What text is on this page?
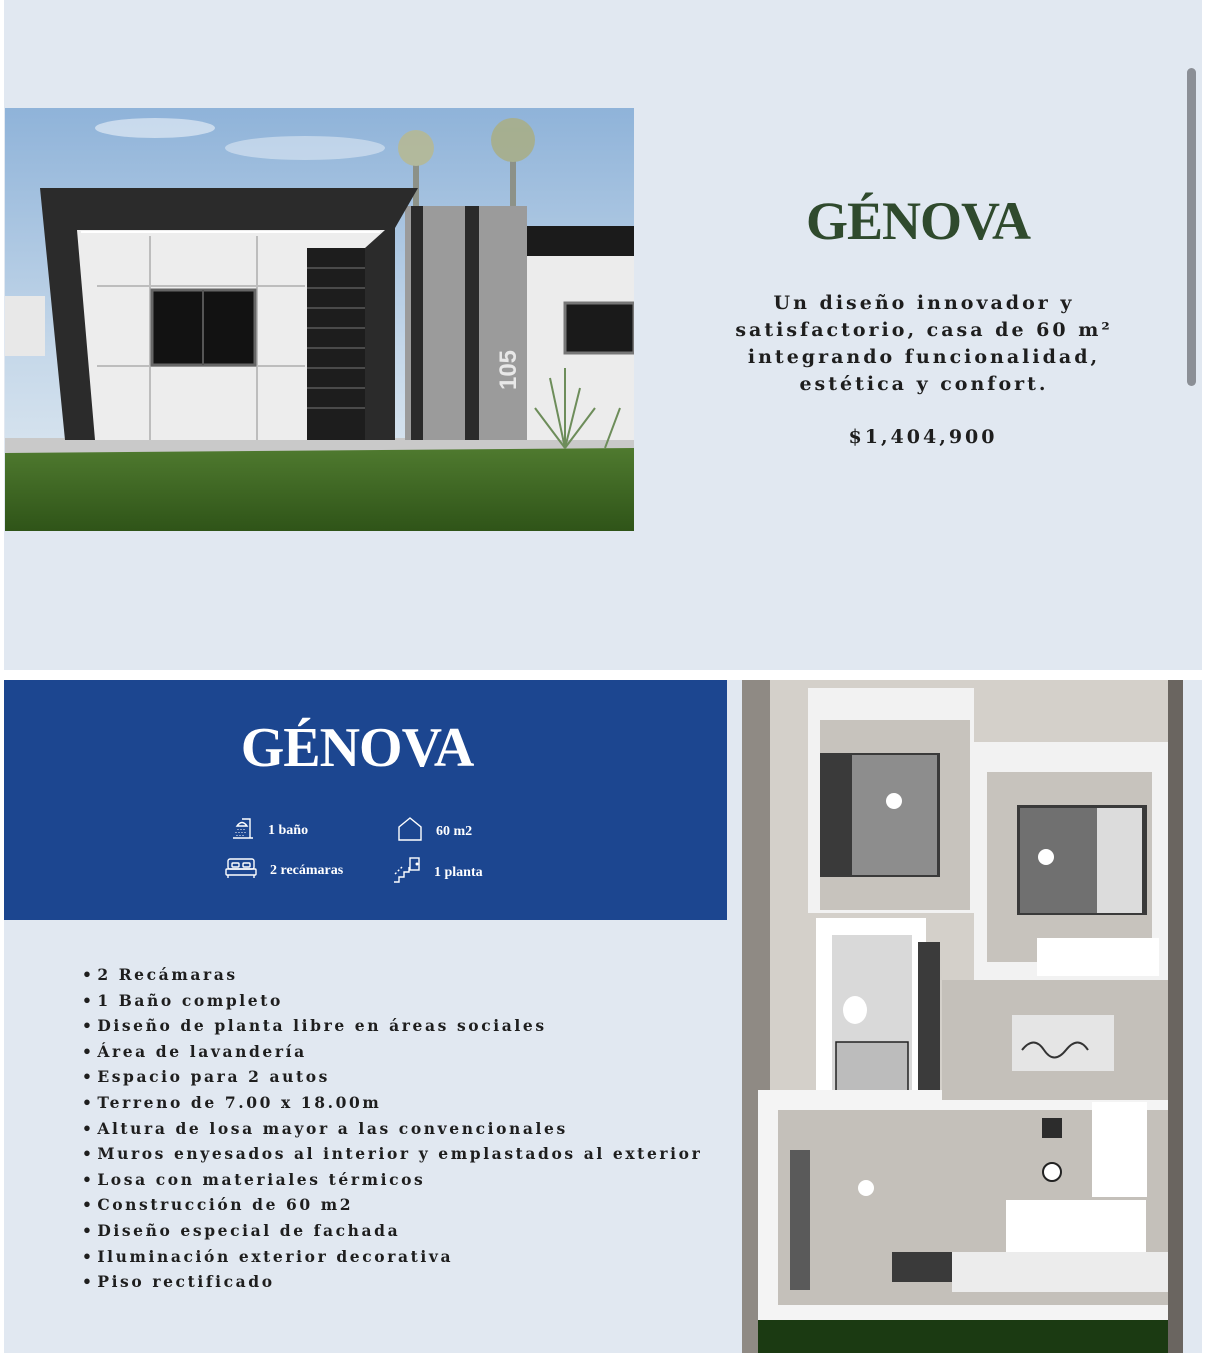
105
GÉNOVA

Un diseño innovador y satisfactorio, casa de 60 m² integrando funcionalidad, estética y confort.

$1,404,900

GÉNOVA
1 baño	60 m2
2 recámaras	1 planta
• 2 Recámaras
• 1 Baño completo
• Diseño de planta libre en áreas sociales
• Área de lavandería
• Espacio para 2 autos
• Terreno de 7.00 x 18.00m
• Altura de losa mayor a las convencionales
• Muros enyesados al interior y emplastados al exterior
• Losa con materiales térmicos
• Construcción de 60 m2
• Diseño especial de fachada
• Iluminación exterior decorativa
• Piso rectificado
